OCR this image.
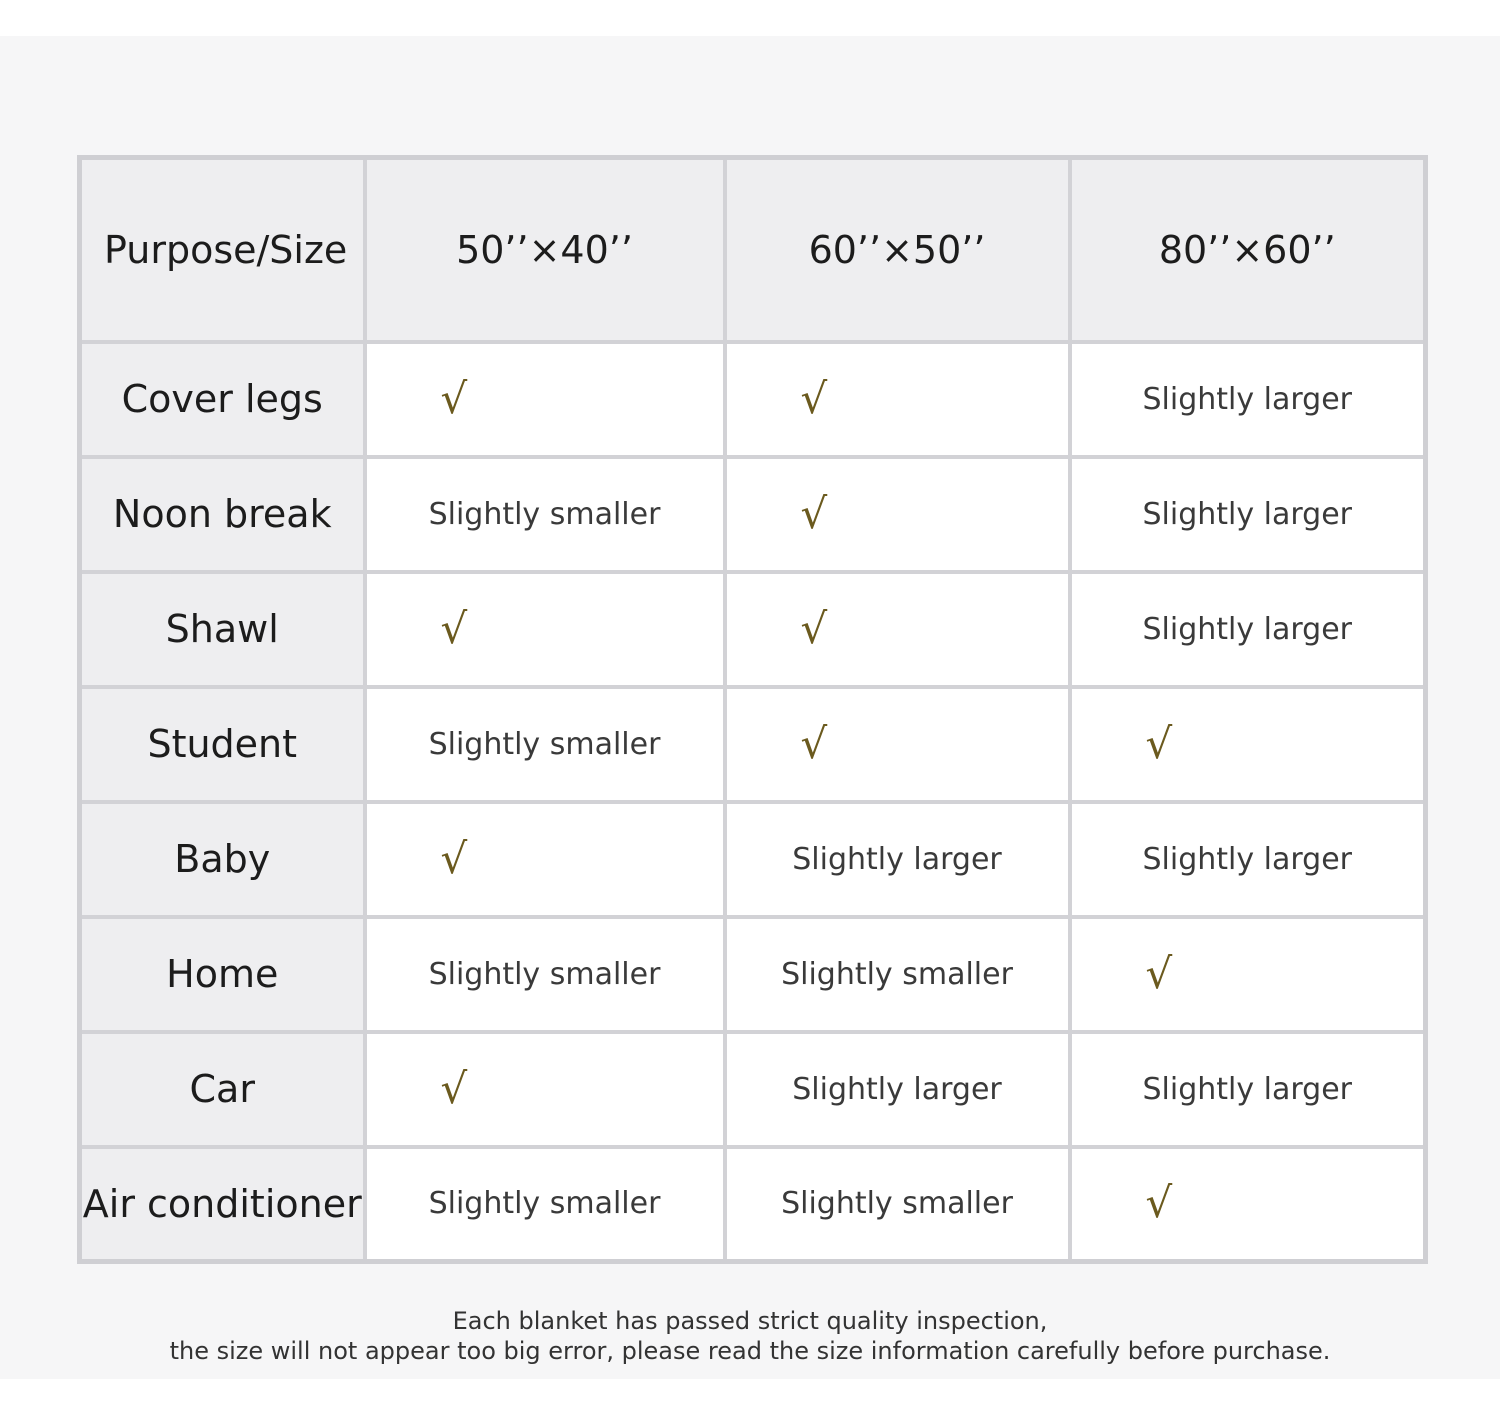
Purpose/Size	50’’×40’’	60’’×50’’	80’’×60’’
Cover legs	√	√	Slightly larger
Noon break	Slightly smaller	√	Slightly larger
Shawl	√	√	Slightly larger
Student	Slightly smaller	√	√
Baby	√	Slightly larger	Slightly larger
Home	Slightly smaller	Slightly smaller	√
Car	√	Slightly larger	Slightly larger
Air conditioner	Slightly smaller	Slightly smaller	√
Each blanket has passed strict quality inspection,
the size will not appear too big error, please read the size information carefully before purchase.
